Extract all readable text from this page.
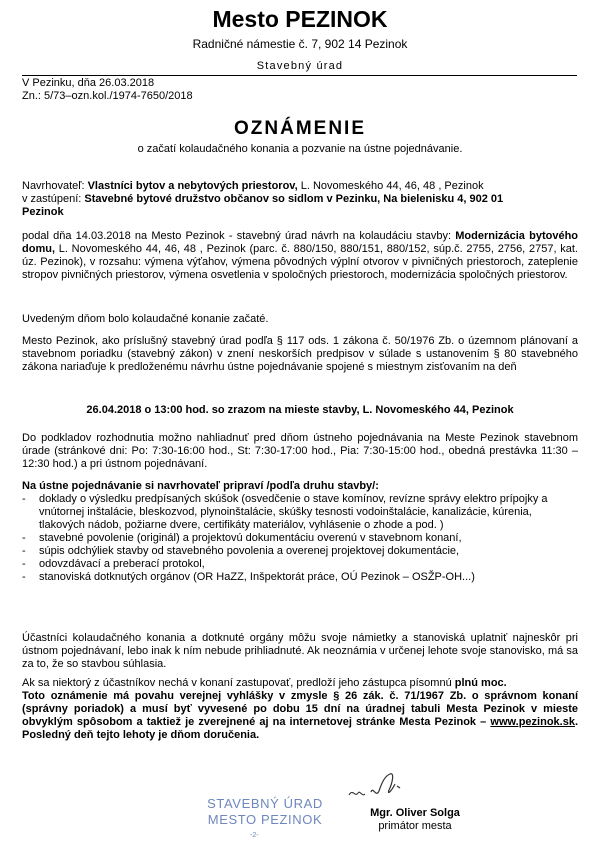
Mesto PEZINOK
Radničné námestie č. 7, 902 14 Pezinok
Stavebný úrad
V Pezinku, dňa 26.03.2018
Zn.: 5/73–ozn.kol./1974-7650/2018
OZNÁMENIE
o začatí kolaudačného konania a pozvanie na ústne pojednávanie.
Navrhovateľ: Vlastníci bytov a nebytových priestorov, L. Novomeského 44, 46, 48 , Pezinok
v zastúpení: Stavebné bytové družstvo občanov so sidlom v Pezinku, Na bielenisku 4, 902 01
Pezinok
podal dňa 14.03.2018 na Mesto Pezinok - stavebný úrad návrh na kolaudáciu stavby: Modernizácia bytového domu, L. Novomeského 44, 46, 48 , Pezinok (parc. č. 880/150, 880/151, 880/152, súp.č. 2755, 2756, 2757, kat. úz. Pezinok), v rozsahu: výmena výťahov, výmena pôvodných výplní otvorov v pivničných priestoroch, zateplenie stropov pivničných priestorov, výmena osvetlenia v spoločných priestoroch, modernizácia spoločných priestorov.
Uvedeným dňom bolo kolaudačné konanie začaté.
Mesto Pezinok, ako príslušný stavebný úrad podľa § 117 ods. 1 zákona č. 50/1976 Zb. o územnom plánovaní a stavebnom poriadku (stavebný zákon) v znení neskorších predpisov v súlade s ustanovením § 80 stavebného zákona nariaďuje k predloženému návrhu ústne pojednávanie spojené s miestnym zisťovaním na deň
26.04.2018 o 13:00 hod. so zrazom na mieste stavby, L. Novomeského 44, Pezinok
Do podkladov rozhodnutia možno nahliadnuť pred dňom ústneho pojednávania na Meste Pezinok stavebnom úrade (stránkové dni: Po: 7:30-16:00 hod., St: 7:30-17:00 hod., Pia: 7:30-15:00 hod., obedná prestávka 11:30 – 12:30 hod.) a pri ústnom pojednávaní.
Na ústne pojednávanie si navrhovateľ pripraví /podľa druhu stavby/:
- doklady o výsledku predpísaných skúšok (osvedčenie o stave komínov, revízne správy elektro prípojky a vnútornej inštalácie, bleskozvod, plynoinštalácie, skúšky tesnosti vodoinštalácie, kanalizácie, kúrenia, tlakových nádob, požiarne dvere, certifikáty materiálov, vyhlásenie o zhode a pod. )
- stavebné povolenie (originál) a projektovú dokumentáciu overenú v stavebnom konaní,
- súpis odchýliek stavby od stavebného povolenia a overenej projektovej dokumentácie,
- odovzdávací a preberací protokol,
- stanoviská dotknutých orgánov (OR HaZZ, Inšpektorát práce, OÚ Pezinok – OSŽP-OH...)
Účastníci kolaudačného konania a dotknuté orgány môžu svoje námietky a stanoviská uplatniť najneskôr pri ústnom pojednávaní, lebo inak k ním nebude prihliadnuté. Ak neoznámia v určenej lehote svoje stanovisko, má sa za to, že so stavbou súhlasia.
Ak sa niektorý z účastníkov nechá v konaní zastupovať, predloží jeho zástupca písomnú plnú moc.
Toto oznámenie má povahu verejnej vyhlášky v zmysle § 26 zák. č. 71/1967 Zb. o správnom konaní (správny poriadok) a musí byť vyvesené po dobu 15 dní na úradnej tabuli Mesta Pezinok v mieste obvyklým spôsobom a taktiež je zverejnené aj na internetovej stránke Mesta Pezinok – www.pezinok.sk. Posledný deň tejto lehoty je dňom doručenia.
STAVEBNÝ ÚRAD
MESTO PEZINOK
-2-
Mgr. Oliver Solga
primátor mesta
